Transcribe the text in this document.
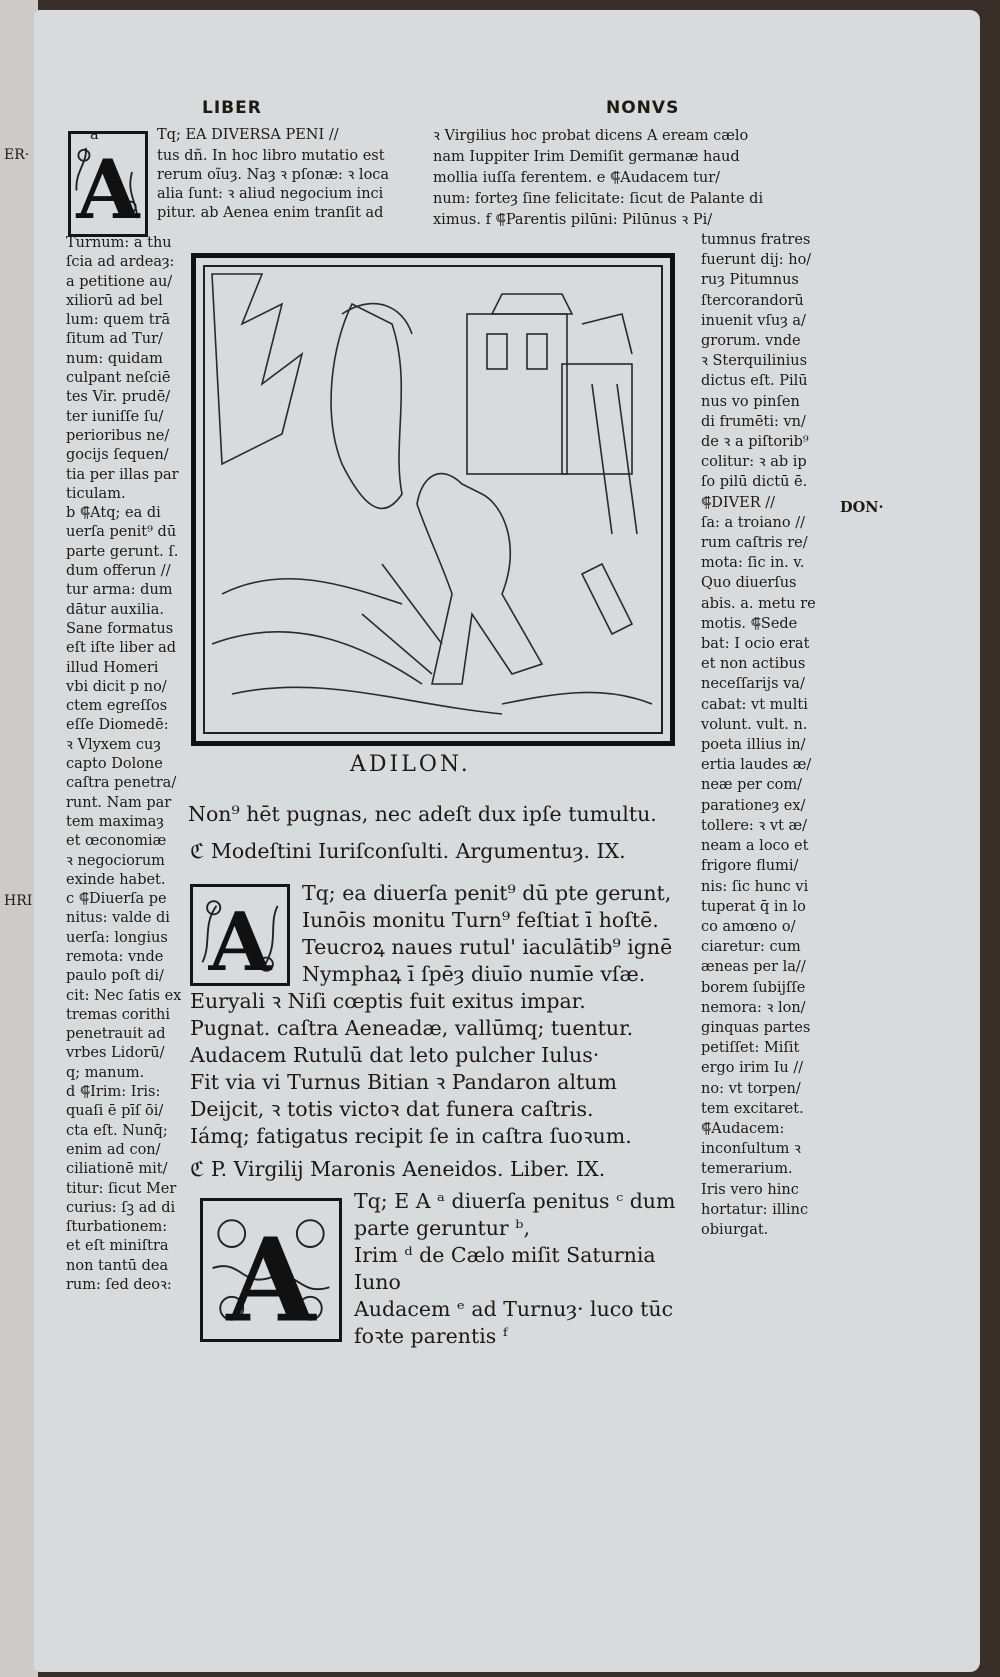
ER·
HRI
LIBER	NONVS
A
a	Tq; EA DIVERSA PENI //
tus dñ. In hoc libro mutatio est
rerum oĩuȝ. Naȝ ꝛ pſonæ: ꝛ loca
alia ſunt: ꝛ aliud negocium inci
pitur. ab Aenea enim tranſit ad
Turnum: a thu
ſcia ad ardeaȝ:
a petitione au/
xiliorū ad bel
lum: quem trā
ſitum ad Tur/
num: quidam
culpant neſciē
tes Vir. prudē/
ter iuniſſe ſu/
perioribus ne/
gocijs ſequen/
tia per illas par
ticulam.
b ⸿Atq; ea di
uerſa penit⁹ dū
parte gerunt. ſ.
dum offerun //
tur arma: dum
dātur auxilia.
Sane formatus
eſt iſte liber ad
illud Homeri
vbi dicit p no/
ctem egreſſos
eſſe Diomedē:
ꝛ Vlyxem cuȝ
capto Dolone
caſtra penetra/
runt. Nam par
tem maximaȝ
et œconomiæ
ꝛ negociorum
exinde habet.
c ⸿Diuerſa pe
nitus: valde di
uerſa: longius
remota: vnde
paulo poſt di/
cit: Nec ſatis ex
tremas corithi
penetrauit ad
vrbes Lidorū/
q; manum.
d ⸿Irim: Iris:
quaſi ē pīſ ōi/
cta eſt. Nunq̄;
enim ad con/
ciliationē mit/
titur: ſicut Mer
curius: ſꝫ ad di
ſturbationem:
et eſt miniſtra
non tantū dea
rum: ſed deoꝛ:
ꝛ Virgilius hoc probat dicens A eream cælo
nam Iuppiter Irim Demiſit germanæ haud
mollia iuſſa ferentem. e ⸿Audacem tur/
num: forteȝ ſine felicitate: ſicut de Palante di
ximus. f ⸿Parentis pilūni: Pilūnus ꝛ Pi/
tumnus fratres
fuerunt dij: ho/
ruȝ Pitumnus
ſtercorandorū
inuenit vſuȝ a/
grorum. vnde
ꝛ Sterquilinius
dictus eſt. Pilū
nus vo pinſen
di frumēti: vn/
de ꝛ a piſtorib⁹
colitur: ꝛ ab ip
ſo pilū dictū ē.
⸿DIVER //
ſa: a troiano //
rum caſtris re/
mota: ſic in. v.
Quo diuerſus
abis. a. metu re
motis. ⸿Sede
bat: I ocio erat
et non actibus
neceſſarijs va/
cabat: vt multi
volunt. vult. n.
poeta illius in/
ertia laudes æ/
neæ per com/
parationeȝ ex/
tollere: ꝛ vt æ/
neam a loco et
frigore flumi/
nis: ſic hunc vi
tuperat q̄ in lo
co amœno o/
ciaretur: cum
æneas per la//
borem ſubijſſe
nemora: ꝛ lon/
ginquas partes
petiſſet: Miſit
ergo irim Iu //
no: vt torpen/
tem excitaret.
⸿Audacem:
inconſultum ꝛ
temerarium.
Iris vero hinc
hortatur: illinc
obiurgat.
DON·
ADILON.
Non⁹ hēt pugnas, nec adeſt dux ipſe tumultu.
ℭ Modeſtini Iuriſconſulti. Argumentuȝ. IX.
A
Tq; ea diuerſa penit⁹ dū pte gerunt,
Iunōis monitu Turn⁹ feſtiat ī hoſtē.
Teucroꝝ naues rutul' iaculātib⁹ ignē
Nymphaꝝ ī ſpēȝ diuīo numīe vſæ.
Euryali ꝛ Niſi cœptis fuit exitus impar.
Pugnat. caſtra Aeneadæ, vallūmq; tuentur.
Audacem Rutulū dat leto pulcher Iulus·
Fit via vi Turnus Bitian ꝛ Pandaron altum
Deijcit, ꝛ totis victoꝛ dat funera caſtris.
Iámq; fatigatus recipit ſe in caſtra ſuoꝛum.
ℭ P. Virgilij Maronis Aeneidos. Liber. IX.
A
Tq; E A ᵃ diuerſa penitus ᶜ dum
parte geruntur ᵇ,
Irim ᵈ de Cælo miſit Saturnia
Iuno
Audacem ᵉ ad Turnuȝ· luco tūc
foꝛte parentis ᶠ
